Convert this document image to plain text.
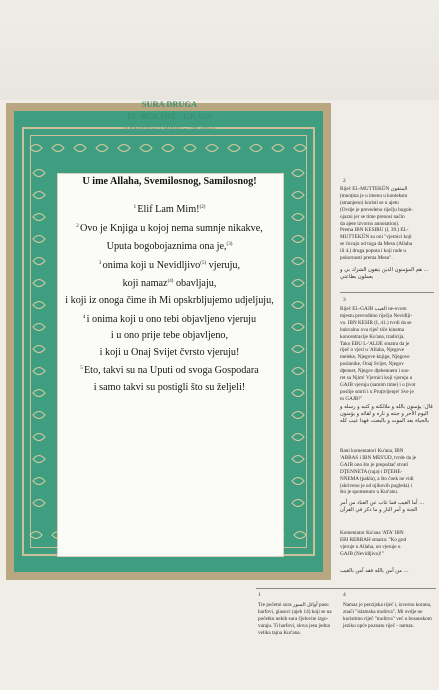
SURA DRUGA
EL-BEKARE - KRAVA
(Objavljena u Medini - 286 ajeta)
U ime Allaha, Svemilosnog, Samilosnog!
$^1$ Elif Lam Mim!$^{(2)}$
$^2$ Ovo je Knjiga u kojoj nema sumnje nikakve,
Uputa bogobojaznima ona je,$^{(3)}$
$^3$ onima koji u Nevidljivo$^{(5)}$ vjeruju,
koji namaz$^{(4)}$ obavljaju,
i koji iz onoga čime ih Mi opskrbljujemo udjeljuju,
$^4$ i onima koji u ono tebi objavljeno vjeruju
i u ono prije tebe objavljeno,
i koji u Onaj Svijet čvrsto vjeruju!
$^5$ Eto, takvi su na Uputi od svoga Gospodara
i samo takvi su postigli što su željeli!
2

Rijeĉ EL-MUTTEKÛN المتقون

(mnoţina je u imenu u kontekstu

(smanjeno) koristi se u ajetu

(Ovdje je prevedeno rijeĉju bogob-

ojazni jer se time prenosi naĉin

da ajete izvorno annotation).

Prema IBN KESIRU (I, 39.) EL-

MUTTEKÛN su oni "vjernici koji

se ĉuvaju od toga da Mesu (Allaha

ili 4.) druga poputa i koji rade u

pokornosti prema Mesu".

... هم المؤمنون الذين يتقون الشرك بي و يعملون بطاعتي
3

Rijeĉ EL-GAJB الغيب ne-ovom

mjestu prevodimo rijeĉju Nevidlji-

vo. IBN KESIR (I, 41.) tvrdi da se

bukvalno ova rijeĉ tiĉe kinema

koncentracije Ku'ana, tradicija.

Tako EBU L-'ALIJE smatra da je

rijeĉ o vjeri u 'Allaha, Njegove

meleke, Njegove knjige, Njegove

poslanike, Onaj Svijet, Njegov

dţennet, Njegov dţehennem i sus-

ret sa Njim! Vjernici koji vjeruju u

GAJB vjeruju (samim time) i u ţivot

poslije smrti i u Proţivljenje! Sve je

to GAJB!"

قال: يؤمنون بالله و ملائكته و كتبه و رسله و اليوم الآخر و جنته و ناره و لقائه و يؤمنون بالحياة بعد الموت و بالبعث، فهذا غيب كله

Rani komentatori Ku'ana, IBN

'ABBAS i IBN MES'UD, tvrde da je

GAJB ono što je prepuštač stvari

DŢENNETA (raja) i DŢEHE-

NNEMA (pakla), a što ĉoek ne vidi

(skriveno je od njihovih pogleda) i

što je spomenuto u Kur'anu.

... أما الغيب فما غاب عن العباد من أمر الجنة و أمر النار و ما ذكر في القرآن

Komentator Ku'ana 'ATA' IBN

EBI REBBAH smatra: "Ko god

vjeruje u Allaha, on vjeruje u

GAJB (Nevidljivo)!"

... من آمن بالله فقد آمن بالغيب
1
Tre poĉetni sura أوائل السور pasu harfovi, glasovi (ajeh 14) koji se na poĉetku nekih sura ĉjelovite izgo-varaju. Ti harfovi, slova jesu jedna velika tajna Kur'ana.
4
Namaz je perzijska rijeĉ i, izvorno koranu, znaĉi "islamska molitva". Mi ovdje ne koristimo rijeĉ "molitva" već u bosanskom jeziku opće poznatu rijeĉ - namaz.
